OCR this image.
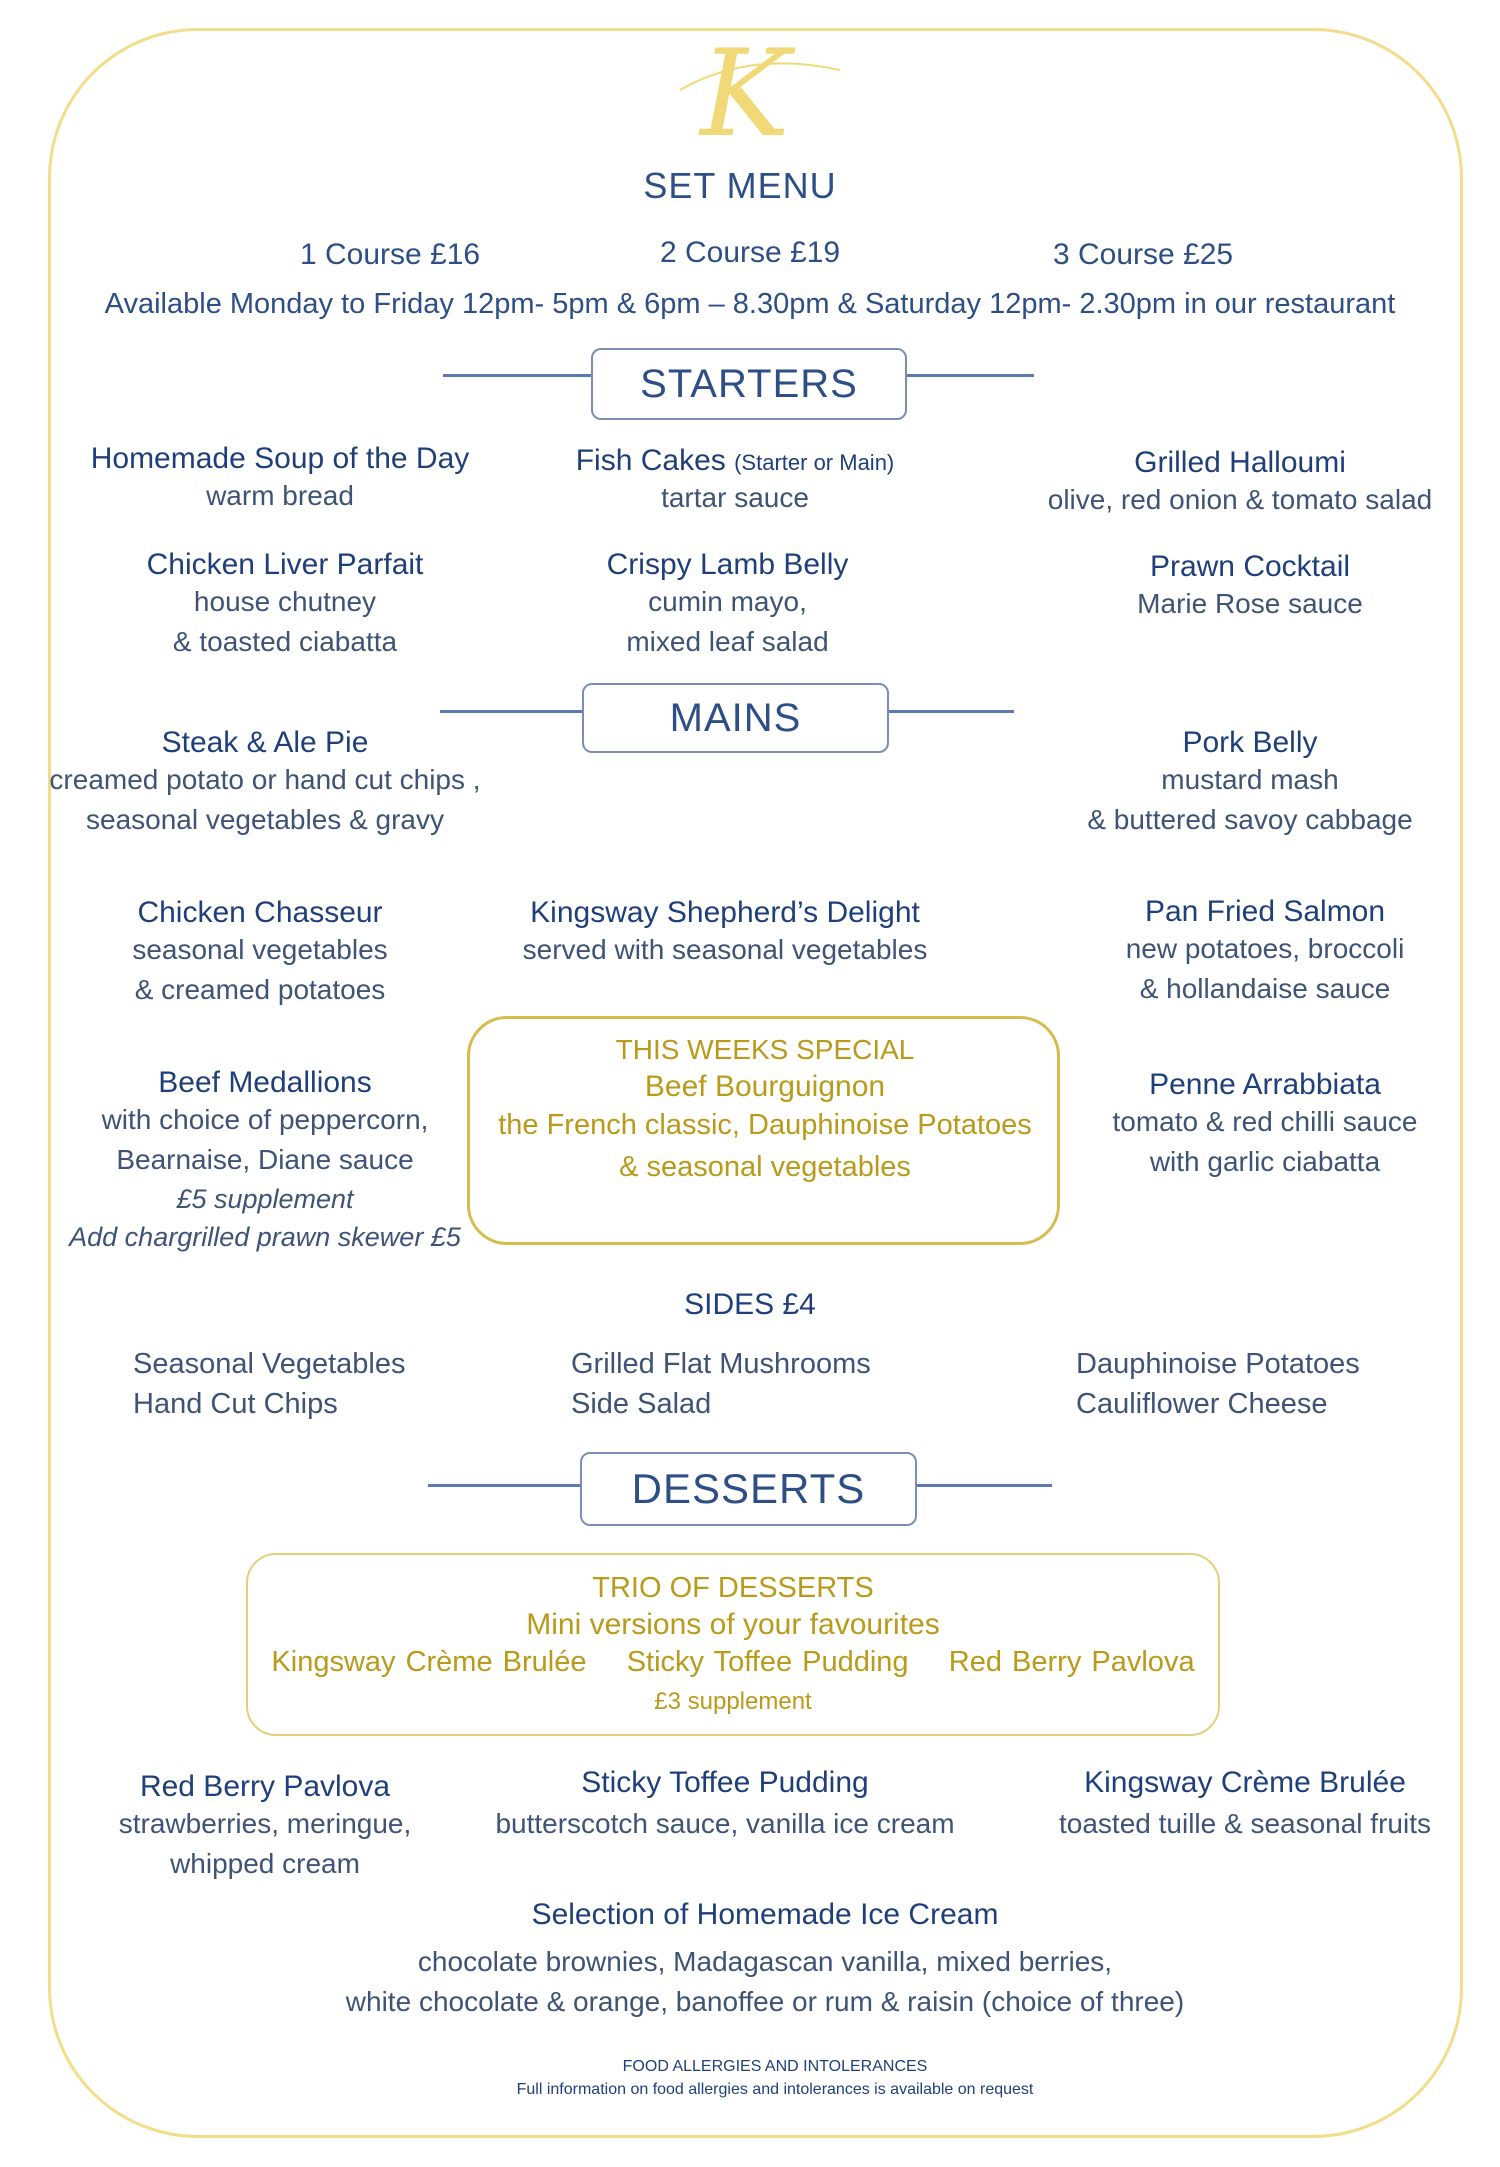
K
SET MENU
1 Course £16	2 Course £19	3 Course £25
Available Monday to Friday 12pm- 5pm & 6pm – 8.30pm & Saturday 12pm- 2.30pm in our restaurant
STARTERS
Homemade Soup of the Day
warm bread
Fish Cakes (Starter or Main)
tartar sauce
Grilled Halloumi
olive, red onion & tomato salad
Chicken Liver Parfait
house chutney
& toasted ciabatta
Crispy Lamb Belly
cumin mayo,
mixed leaf salad
Prawn Cocktail
Marie Rose sauce
MAINS
Steak & Ale Pie
creamed potato or hand cut chips ,
seasonal vegetables & gravy
Pork Belly
mustard mash
& buttered savoy cabbage
Chicken Chasseur
seasonal vegetables
& creamed potatoes
Kingsway Shepherd’s Delight
served with seasonal vegetables
Pan Fried Salmon
new potatoes, broccoli
& hollandaise sauce
Beef Medallions
with choice of peppercorn,
Bearnaise, Diane sauce
£5 supplement
Add chargrilled prawn skewer £5
THIS WEEKS SPECIAL
Beef Bourguignon
the French classic, Dauphinoise Potatoes
& seasonal vegetables
Penne Arrabbiata
tomato & red chilli sauce
with garlic ciabatta
SIDES £4
Seasonal Vegetables
Hand Cut Chips
Grilled Flat Mushrooms
Side Salad
Dauphinoise Potatoes
Cauliflower Cheese
DESSERTS
TRIO OF DESSERTS
Mini versions of your favourites
Kingsway Crème Brulée Sticky Toffee Pudding Red Berry Pavlova
£3 supplement
Red Berry Pavlova
strawberries, meringue,
whipped cream
Sticky Toffee Pudding
butterscotch sauce, vanilla ice cream
Kingsway Crème Brulée
toasted tuille & seasonal fruits
Selection of Homemade Ice Cream
chocolate brownies, Madagascan vanilla, mixed berries,
white chocolate & orange, banoffee or rum & raisin (choice of three)
FOOD ALLERGIES AND INTOLERANCES
Full information on food allergies and intolerances is available on request
